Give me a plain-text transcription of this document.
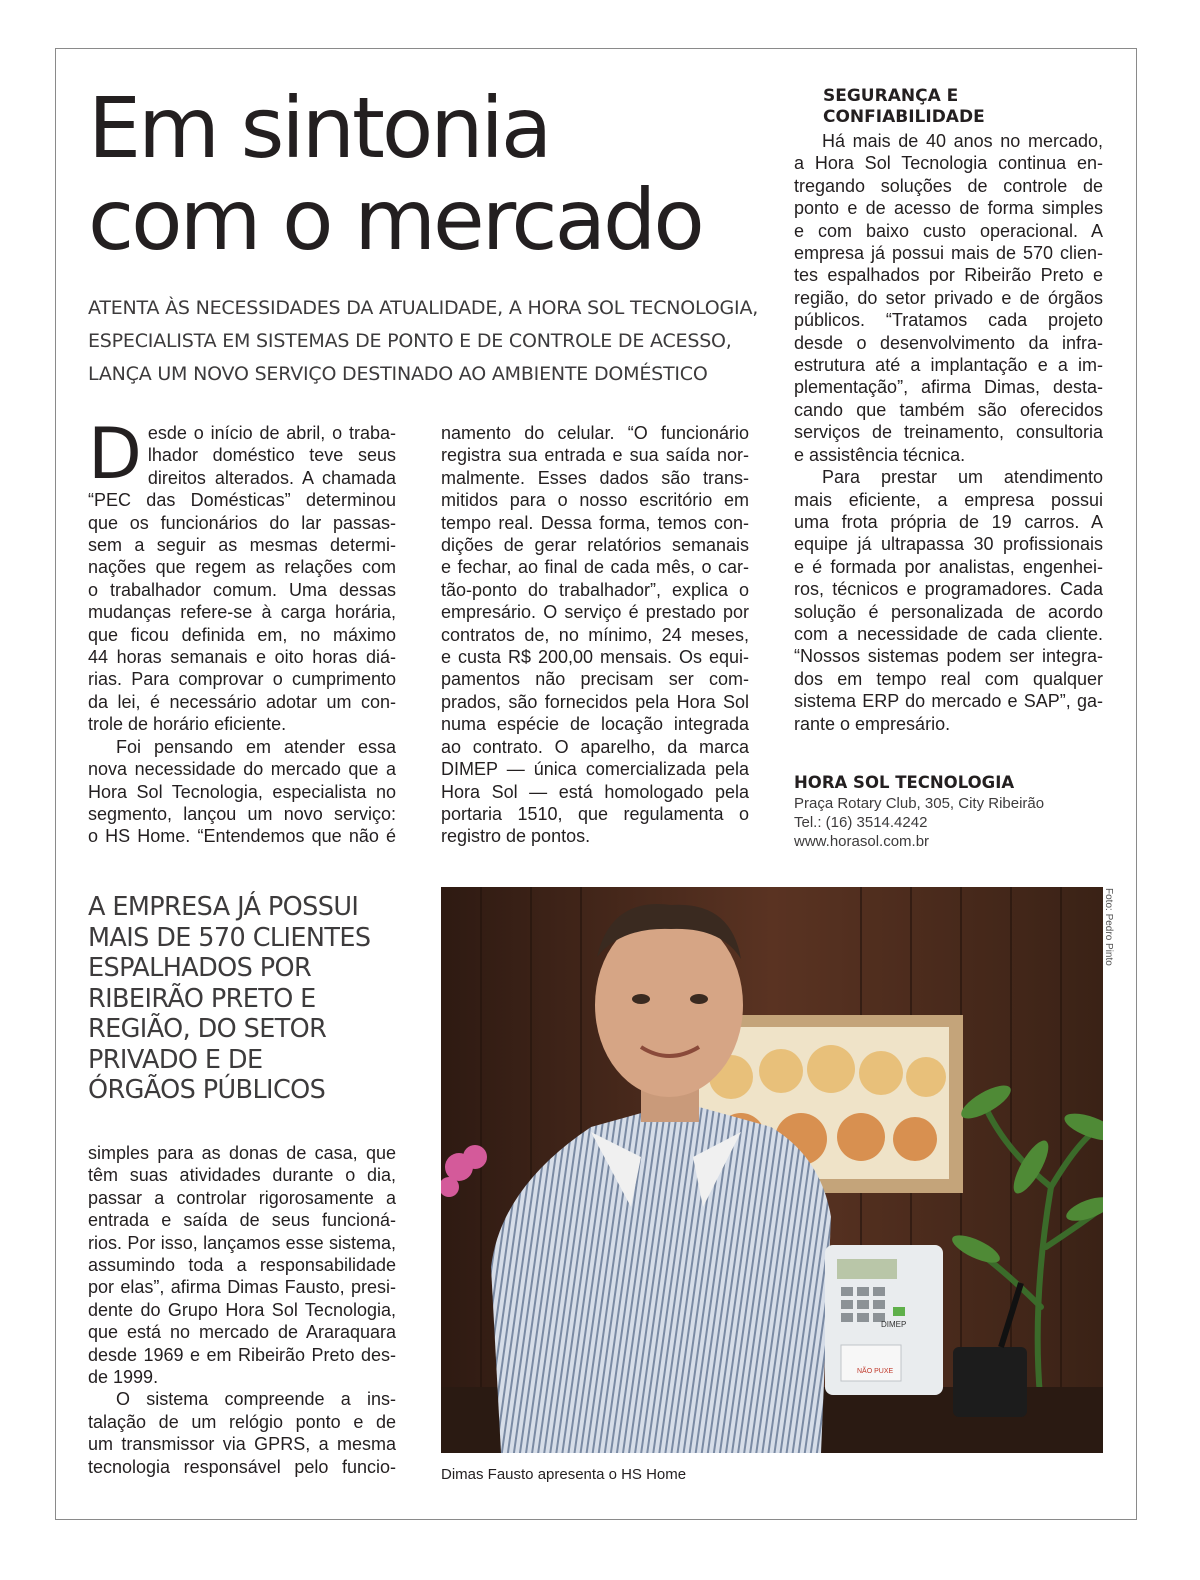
Em sintonia
com o mercado
ATENTA ÀS NECESSIDADES DA ATUALIDADE, A HORA SOL TECNOLOGIA,
ESPECIALISTA EM SISTEMAS DE PONTO E DE CONTROLE DE ACESSO,
LANÇA UM NOVO SERVIÇO DESTINADO AO AMBIENTE DOMÉSTICO
D esde o início de abril, o traba-
lhador doméstico teve seus
direitos alterados. A chamada
“PEC das Domésticas” determinou
que os funcionários do lar passas-
sem a seguir as mesmas determi-
nações que regem as relações com
o trabalhador comum. Uma dessas
mudanças refere-se à carga horária,
que ficou definida em, no máximo
44 horas semanais e oito horas diá-
rias. Para comprovar o cumprimento
da lei, é necessário adotar um con-
trole de horário eficiente.
Foi pensando em atender essa
nova necessidade do mercado que a
Hora Sol Tecnologia, especialista no
segmento, lançou um novo serviço:
o HS Home. “Entendemos que não é
namento do celular. “O funcionário
registra sua entrada e sua saída nor-
malmente. Esses dados são trans-
mitidos para o nosso escritório em
tempo real. Dessa forma, temos con-
dições de gerar relatórios semanais
e fechar, ao final de cada mês, o car-
tão-ponto do trabalhador”, explica o
empresário. O serviço é prestado por
contratos de, no mínimo, 24 meses,
e custa R$ 200,00 mensais. Os equi-
pamentos não precisam ser com-
prados, são fornecidos pela Hora Sol
numa espécie de locação integrada
ao contrato. O aparelho, da marca
DIMEP — única comercializada pela
Hora Sol — está homologado pela
portaria 1510, que regulamenta o
registro de pontos.
SEGURANÇA E
CONFIABILIDADE
Há mais de 40 anos no mercado,
a Hora Sol Tecnologia continua en-
tregando soluções de controle de
ponto e de acesso de forma simples
e com baixo custo operacional. A
empresa já possui mais de 570 clien-
tes espalhados por Ribeirão Preto e
região, do setor privado e de órgãos
públicos. “Tratamos cada projeto
desde o desenvolvimento da infra-
estrutura até a implantação e a im-
plementação”, afirma Dimas, desta-
cando que também são oferecidos
serviços de treinamento, consultoria
e assistência técnica.
Para prestar um atendimento
mais eficiente, a empresa possui
uma frota própria de 19 carros. A
equipe já ultrapassa 30 profissionais
e é formada por analistas, engenhei-
ros, técnicos e programadores. Cada
solução é personalizada de acordo
com a necessidade de cada cliente.
“Nossos sistemas podem ser integra-
dos em tempo real com qualquer
sistema ERP do mercado e SAP”, ga-
rante o empresário.
HORA SOL TECNOLOGIA
Praça Rotary Club, 305, City Ribeirão
Tel.: (16) 3514.4242
www.horasol.com.br
A EMPRESA JÁ POSSUI
MAIS DE 570 CLIENTES
ESPALHADOS POR
RIBEIRÃO PRETO E
REGIÃO, DO SETOR
PRIVADO E DE
ÓRGÃOS PÚBLICOS
simples para as donas de casa, que
têm suas atividades durante o dia,
passar a controlar rigorosamente a
entrada e saída de seus funcioná-
rios. Por isso, lançamos esse sistema,
assumindo toda a responsabilidade
por elas”, afirma Dimas Fausto, presi-
dente do Grupo Hora Sol Tecnologia,
que está no mercado de Araraquara
desde 1969 e em Ribeirão Preto des-
de 1999.
O sistema compreende a ins-
talação de um relógio ponto e de
um transmissor via GPRS, a mesma
tecnologia responsável pelo funcio-
DIMEP
NÃO PUXE
Foto: Pedro Pinto
Dimas Fausto apresenta o HS Home
